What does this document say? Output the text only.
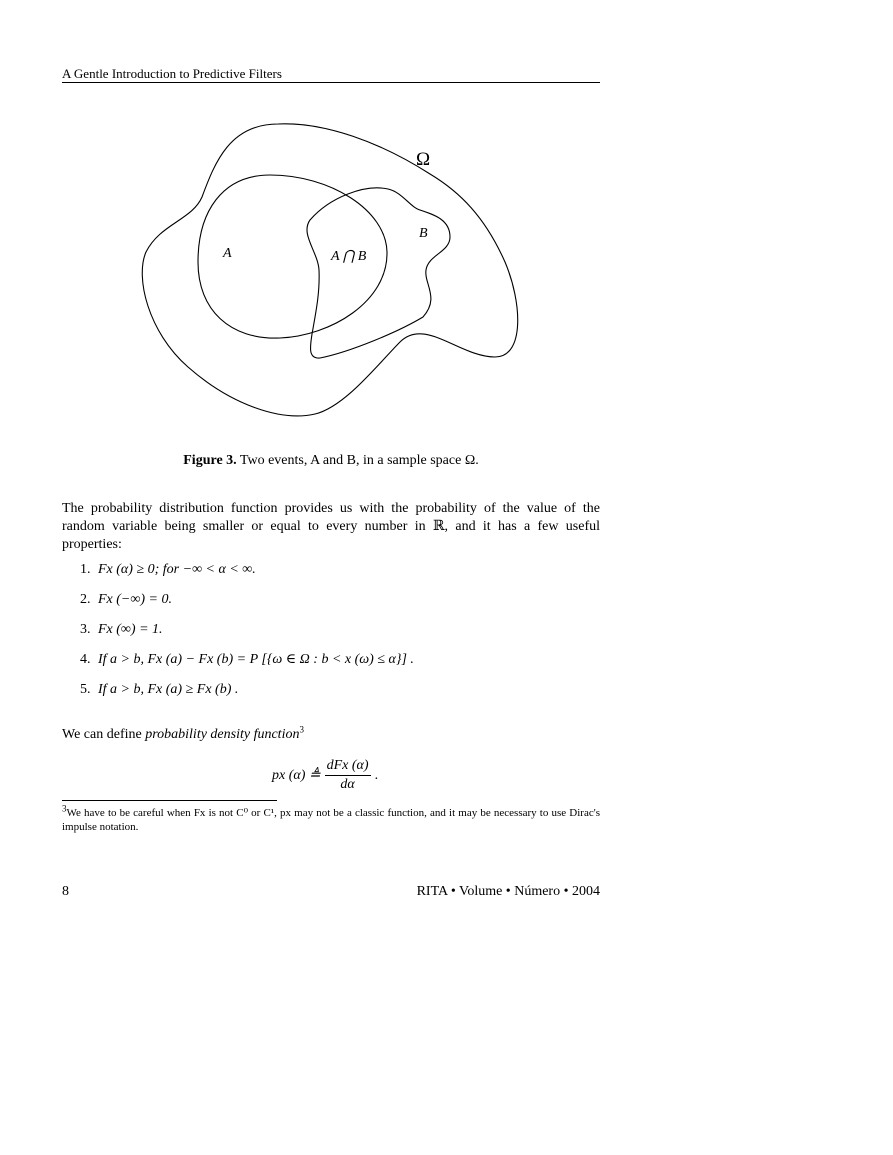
A Gentle Introduction to Predictive Filters
Ω
A	A ⋂ B
B
Figure 3. Two events, A and B, in a sample space Ω.
The probability distribution function provides us with the probability of the value of the random variable being smaller or equal to every number in ℝ, and it has a few useful properties:
1. Fx (α) ≥ 0; for −∞ < α < ∞.
2. Fx (−∞) = 0.
3. Fx (∞) = 1.
4. If a > b, Fx (a) − Fx (b) = P [{ω ∈ Ω : b < x (ω) ≤ α}] .
5. If a > b, Fx (a) ≥ Fx (b) .
We can define probability density function$^3$
px (α) ≜ $\frac{\text{dFx (α)}}{d\alpha}$ .
$^3$We have to be careful when Fx is not C⁰ or C¹, px may not be a classic function, and it may be necessary to use Dirac's impulse notation.
8	RITA • Volume • Número • 2004
